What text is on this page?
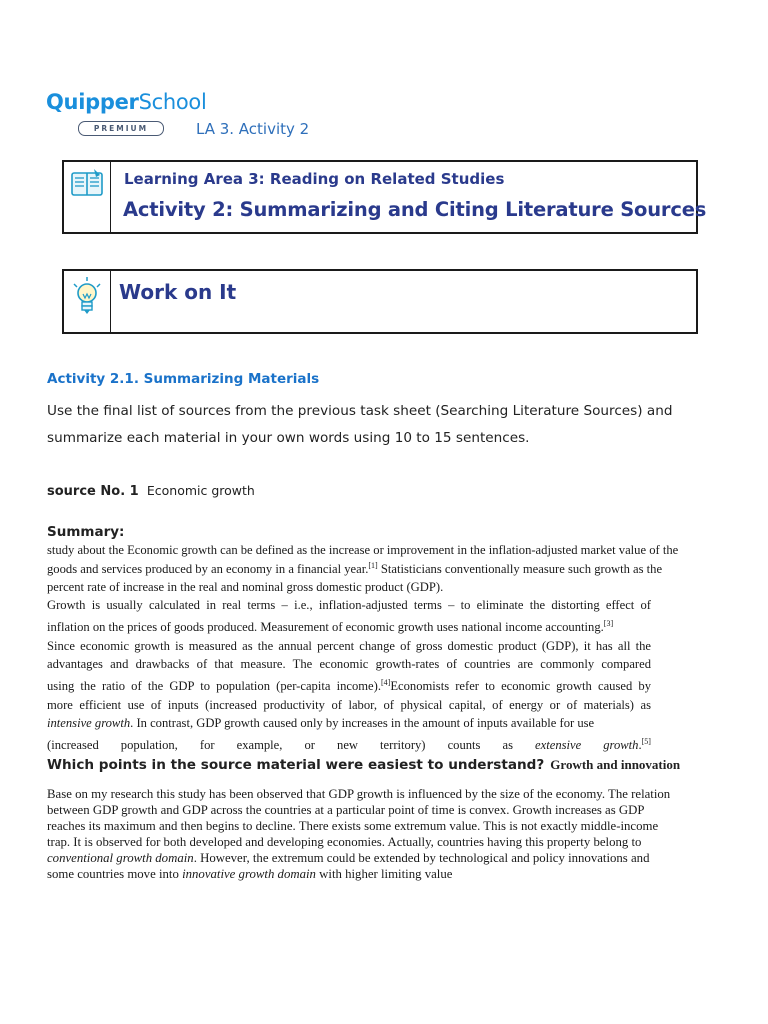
QuipperSchool
PREMIUM	LA 3. Activity 2
Learning Area 3: Reading on Related Studies
Activity 2: Summarizing and Citing Literature Sources
Work on It
Activity 2.1. Summarizing Materials
Use the final list of sources from the previous task sheet (Searching Literature Sources) and
summarize each material in your own words using 10 to 15 sentences.
source No. 1 Economic growth
Summary:
study about the Economic growth can be defined as the increase or improvement in the inflation-adjusted market value of the
goods and services produced by an economy in a financial year.[1] Statisticians conventionally measure such growth as the
percent rate of increase in the real and nominal gross domestic product (GDP).
Growth is usually calculated in real terms – i.e., inflation-adjusted terms – to eliminate the distorting effect of
inflation on the prices of goods produced. Measurement of economic growth uses national income accounting.[3]
Since economic growth is measured as the annual percent change of gross domestic product (GDP), it has all the
advantages and drawbacks of that measure. The economic growth-rates of countries are commonly compared
using the ratio of the GDP to population (per-capita income).[4]Economists refer to economic growth caused by
more efficient use of inputs (increased productivity of labor, of physical capital, of energy or of materials) as
intensive growth. In contrast, GDP growth caused only by increases in the amount of inputs available for use
(increased population, for example, or new territory) counts as extensive growth.[5]
Which points in the source material were easiest to understand? Growth and innovation
Base on my research this study has been observed that GDP growth is influenced by the size of the economy. The relation
between GDP growth and GDP across the countries at a particular point of time is convex. Growth increases as GDP
reaches its maximum and then begins to decline. There exists some extremum value. This is not exactly middle-income
trap. It is observed for both developed and developing economies. Actually, countries having this property belong to
conventional growth domain. However, the extremum could be extended by technological and policy innovations and
some countries move into innovative growth domain with higher limiting value
